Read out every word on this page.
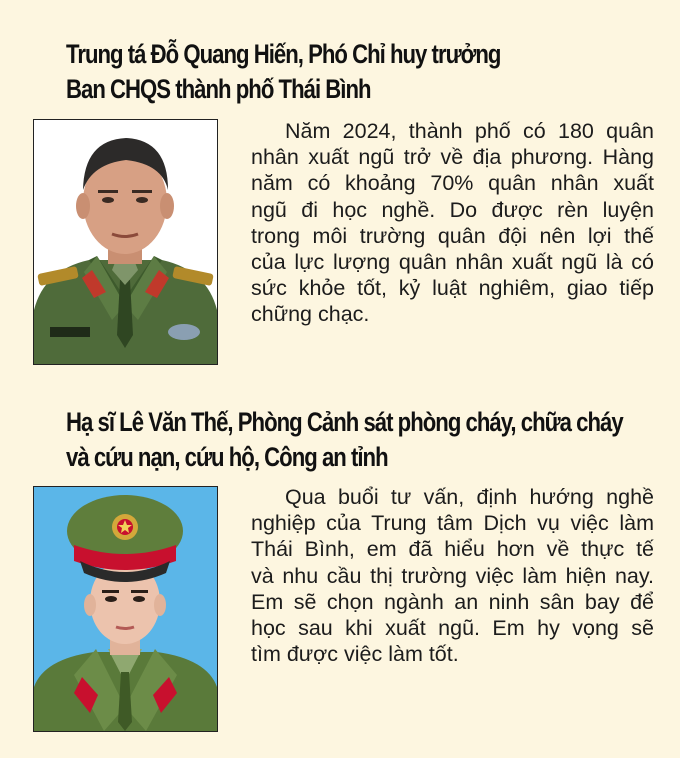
Trung tá Đỗ Quang Hiến, Phó Chỉ huy trưởng
Ban CHQS thành phố Thái Bình
Năm 2024, thành phố có 180 quân
nhân xuất ngũ trở về địa phương. Hàng
năm có khoảng 70% quân nhân xuất
ngũ đi học nghề. Do được rèn luyện
trong môi trường quân đội nên lợi thế
của lực lượng quân nhân xuất ngũ là có
sức khỏe tốt, kỷ luật nghiêm, giao tiếp
chững chạc.
Hạ sĩ Lê Văn Thế, Phòng Cảnh sát phòng cháy, chữa cháy
và cứu nạn, cứu hộ, Công an tỉnh
Qua buổi tư vấn, định hướng nghề
nghiệp của Trung tâm Dịch vụ việc làm
Thái Bình, em đã hiểu hơn về thực tế
và nhu cầu thị trường việc làm hiện nay.
Em sẽ chọn ngành an ninh sân bay để
học sau khi xuất ngũ. Em hy vọng sẽ
tìm được việc làm tốt.
